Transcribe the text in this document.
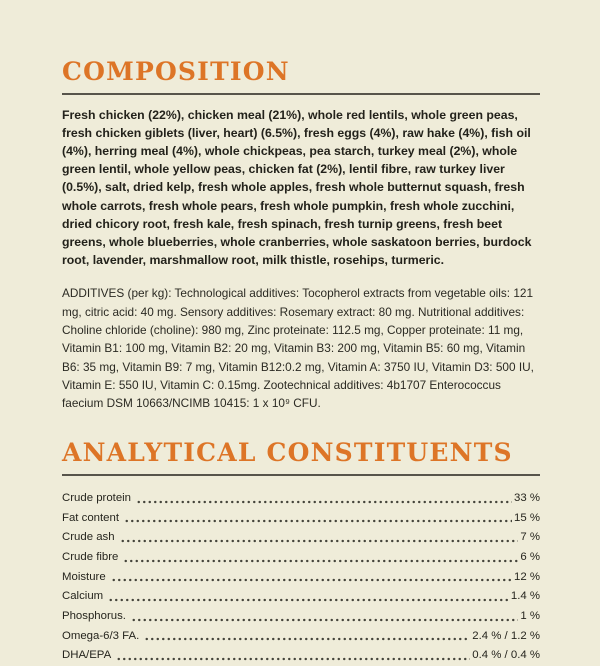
COMPOSITION

Fresh chicken (22%), chicken meal (21%), whole red lentils, whole green peas, fresh chicken giblets (liver, heart) (6.5%), fresh eggs (4%), raw hake (4%), fish oil (4%), herring meal (4%), whole chickpeas, pea starch, turkey meal (2%), whole green lentil, whole yellow peas, chicken fat (2%), lentil fibre, raw turkey liver (0.5%), salt, dried kelp, fresh whole apples, fresh whole butternut squash, fresh whole carrots, fresh whole pears, fresh whole pumpkin, fresh whole zucchini, dried chicory root, fresh kale, fresh spinach, fresh turnip greens, fresh beet greens, whole blueberries, whole cranberries, whole saskatoon berries, burdock root, lavender, marshmallow root, milk thistle, rosehips, turmeric.

ADDITIVES (per kg): Technological additives: Tocopherol extracts from vegetable oils: 121 mg, citric acid: 40 mg. Sensory additives: Rosemary extract: 80 mg. Nutritional additives: Choline chloride (choline): 980 mg, Zinc proteinate: 112.5 mg, Copper proteinate: 11 mg, Vitamin B1: 100 mg, Vitamin B2: 20 mg, Vitamin B3: 200 mg, Vitamin B5: 60 mg, Vitamin B6: 35 mg, Vitamin B9: 7 mg, Vitamin B12:0.2 mg, Vitamin A: 3750 IU, Vitamin D3: 500 IU, Vitamin E: 550 IU, Vitamin C: 0.15mg. Zootechnical additives: 4b1707 Enterococcus faecium DSM 10663/NCIMB 10415: 1 x 10⁹ CFU.

ANALYTICAL CONSTITUENTS
Crude protein	33 %
Fat content	15 %
Crude ash	7 %
Crude fibre	6 %
Moisture	12 %
Calcium	1.4 %
Phosphorus.	1 %
Omega-6/3 FA.	2.4 % / 1.2 %
DHA/EPA	0.4 % / 0.4 %
